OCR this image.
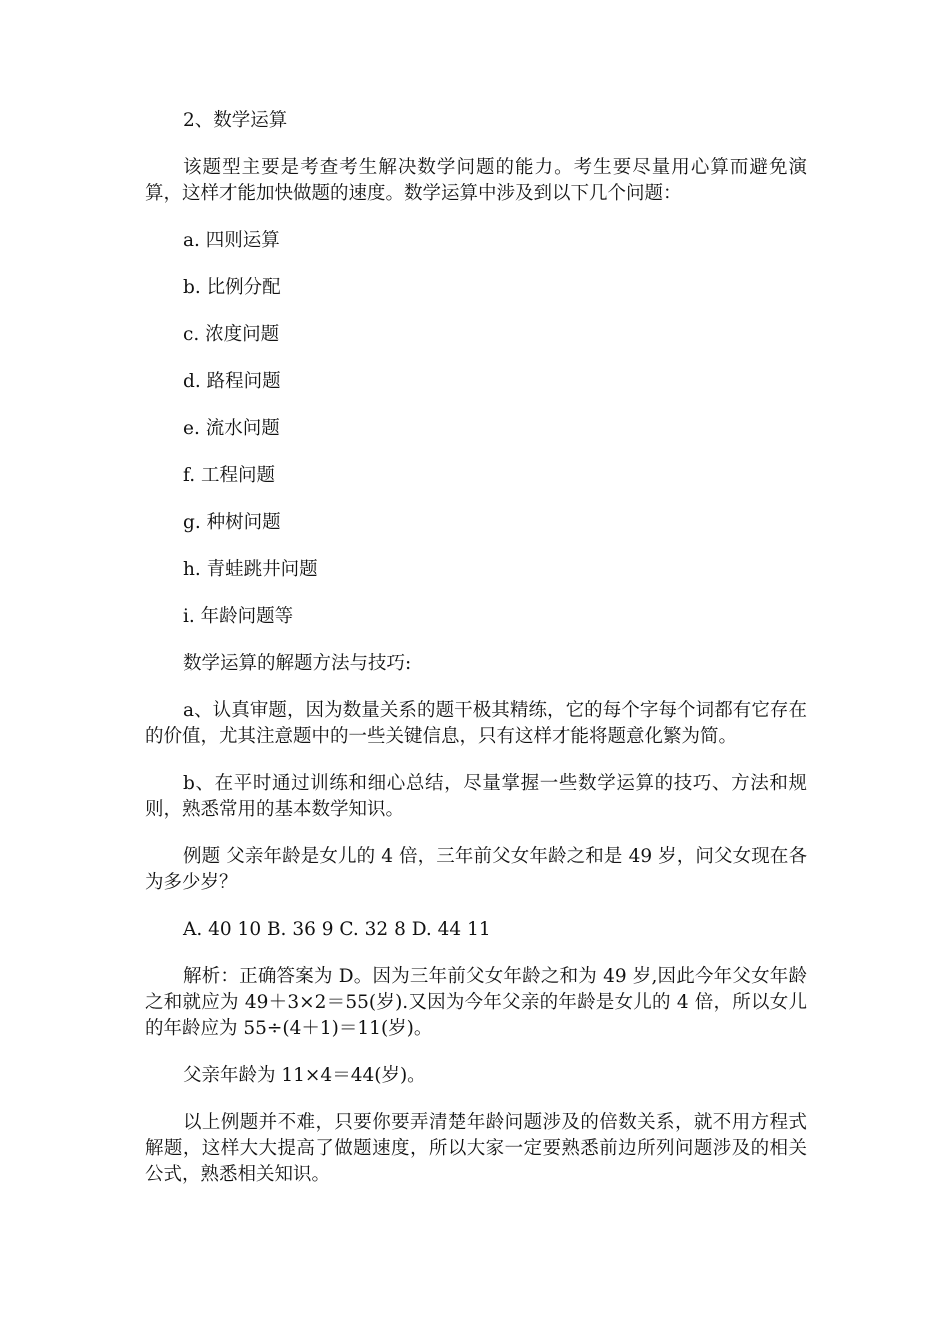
2、数学运算

该题型主要是考查考生解决数学问题的能力。考生要尽量用心算而避免演算，这样才能加快做题的速度。数学运算中涉及到以下几个问题：

a. 四则运算

b. 比例分配

c. 浓度问题

d. 路程问题

e. 流水问题

f. 工程问题

g. 种树问题

h. 青蛙跳井问题

i. 年龄问题等

数学运算的解题方法与技巧:

a、认真审题，因为数量关系的题干极其精练，它的每个字每个词都有它存在的价值，尤其注意题中的一些关键信息，只有这样才能将题意化繁为简。

b、在平时通过训练和细心总结，尽量掌握一些数学运算的技巧、方法和规则，熟悉常用的基本数学知识。

例题 父亲年龄是女儿的 4 倍，三年前父女年龄之和是 49 岁，问父女现在各为多少岁？

A. 40 10 B. 36 9 C. 32 8 D. 44 11

解析：正确答案为 D。因为三年前父女年龄之和为 49 岁,因此今年父女年龄之和就应为 49＋3×2＝55(岁).又因为今年父亲的年龄是女儿的 4 倍，所以女儿的年龄应为 55÷(4＋1)＝11(岁)。

父亲年龄为 11×4＝44(岁)。

以上例题并不难，只要你要弄清楚年龄问题涉及的倍数关系，就不用方程式解题，这样大大提高了做题速度，所以大家一定要熟悉前边所列问题涉及的相关公式，熟悉相关知识。
